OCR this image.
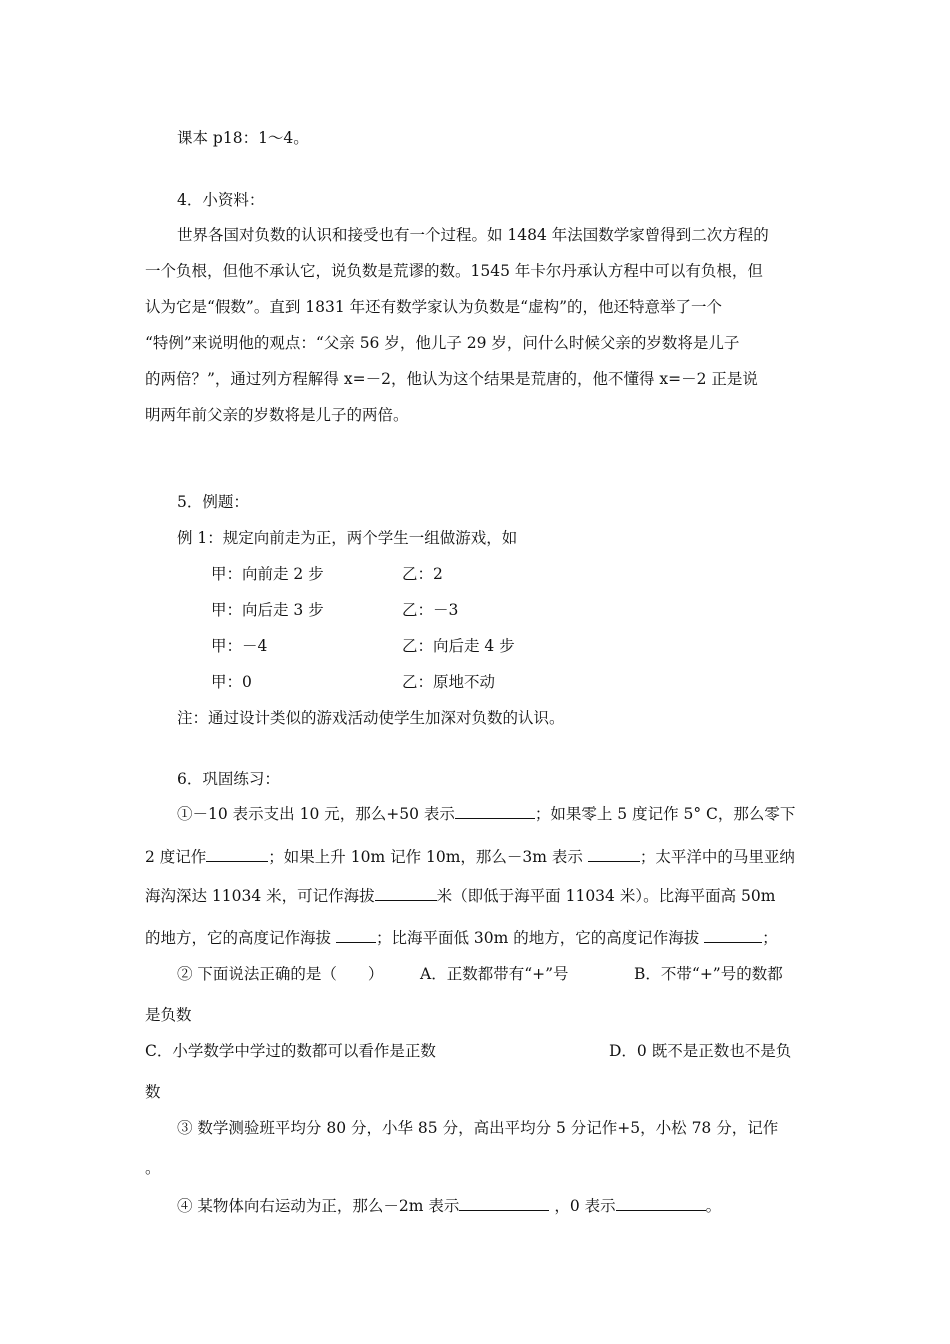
课本 p18：1～4。
4．小资料：
世界各国对负数的认识和接受也有一个过程。如 1484 年法国数学家曾得到二次方程的
一个负根，但他不承认它，说负数是荒谬的数。1545 年卡尔丹承认方程中可以有负根，但
认为它是“假数”。直到 1831 年还有数学家认为负数是“虚构”的，他还特意举了一个
“特例”来说明他的观点：“父亲 56 岁，他儿子 29 岁，问什么时候父亲的岁数将是儿子
的两倍？”，通过列方程解得 x=－2，他认为这个结果是荒唐的，他不懂得 x=－2 正是说
明两年前父亲的岁数将是儿子的两倍。
5．例题：
例 1：规定向前走为正，两个学生一组做游戏，如
甲：向前走 2 步	乙：2
甲：向后走 3 步	乙：－3
甲：－4	乙：向后走 4 步
甲：0	乙：原地不动
注：通过设计类似的游戏活动使学生加深对负数的认识。
6．巩固练习：
①－10 表示支出 10 元，那么+50 表示	；如果零上 5 度记作 5° C，那么零下
2 度记作	；如果上升 10m 记作 10m，那么－3m 表示	；太平洋中的马里亚纳
海沟深达 11034 米，可记作海拔	米（即低于海平面 11034 米）。比海平面高 50m
的地方，它的高度记作海拔	；比海平面低 30m 的地方，它的高度记作海拔	；
② 下面说法正确的是（　　） A．正数都带有“+”号	B．不带“+”号的数都
是负数
C．小学数学中学过的数都可以看作是正数	D．0 既不是正数也不是负
数
③ 数学测验班平均分 80 分，小华 85 分，高出平均分 5 分记作+5，小松 78 分，记作
。
④ 某物体向右运动为正，那么－2m 表示	，0 表示	。
